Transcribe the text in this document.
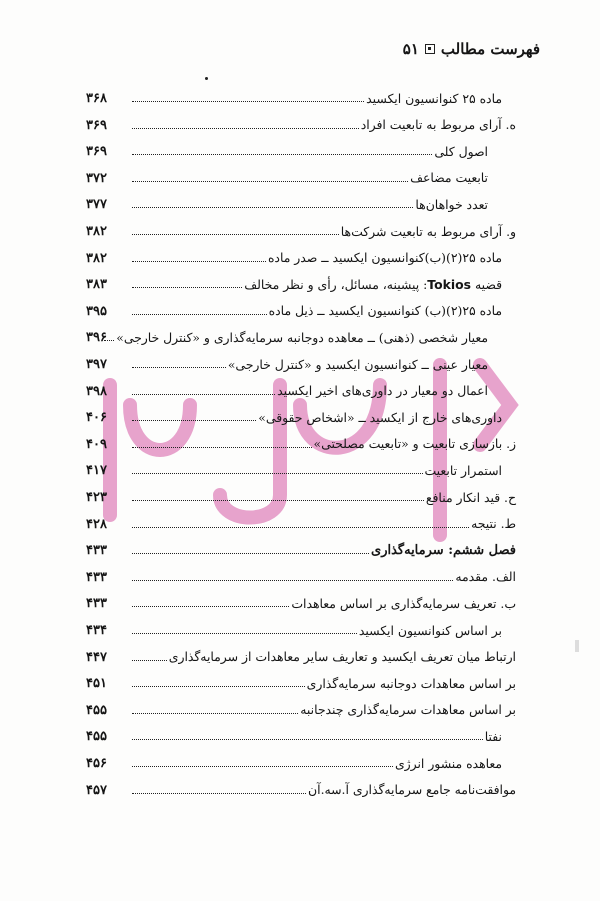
فهرست مطالب
۵۱
ماده ۲۵ کنوانسیون ایکسید
۳۶۸
ه. آرای مربوط به تابعیت افراد
۳۶۹
اصول کلی
۳۶۹
تابعیت مضاعف
۳۷۲
تعدد خواهان‌ها
۳۷۷
و. آرای مربوط به تابعیت شرکت‌ها
۳۸۲
ماده ۲۵(۲)(ب)کنوانسیون ایکسید ــ صدر ماده
۳۸۲
قضیه Tokios: پیشینه، مسائل، رأی و نظر مخالف
۳۸۳
ماده ۲۵(۲)(ب) کنوانسیون ایکسید ــ ذیل ماده
۳۹۵
معیار شخصی (ذهنی) ــ معاهده دوجانبه سرمایه‌گذاری و «کنترل خارجی»
۳۹۶
معیار عینی ــ کنوانسیون ایکسید و «کنترل خارجی»
۳۹۷
اعمال دو معیار در داوری‌های اخیر ایکسید
۳۹۸
داوری‌های خارج از ایکسید ــ «اشخاص حقوقی»
۴۰۶
ز. بازسازی تابعیت و «تابعیت مصلحتی»
۴۰۹
استمرار تابعیت
۴۱۷
ح. قید انکار منافع
۴۲۳
ط. نتیجه
۴۲۸
فصل ششم: سرمایه‌گذاری
۴۳۳
الف. مقدمه
۴۳۳
ب. تعریف سرمایه‌گذاری بر اساس معاهدات
۴۳۳
بر اساس کنوانسیون ایکسید
۴۳۴
ارتباط میان تعریف ایکسید و تعاریف سایر معاهدات از سرمایه‌گذاری
۴۴۷
بر اساس معاهدات دوجانبه سرمایه‌گذاری
۴۵۱
بر اساس معاهدات سرمایه‌گذاری چندجانبه
۴۵۵
نفتا
۴۵۵
معاهده منشور انرژی
۴۵۶
موافقت‌نامه جامع سرمایه‌گذاری آ.سه.آن
۴۵۷
